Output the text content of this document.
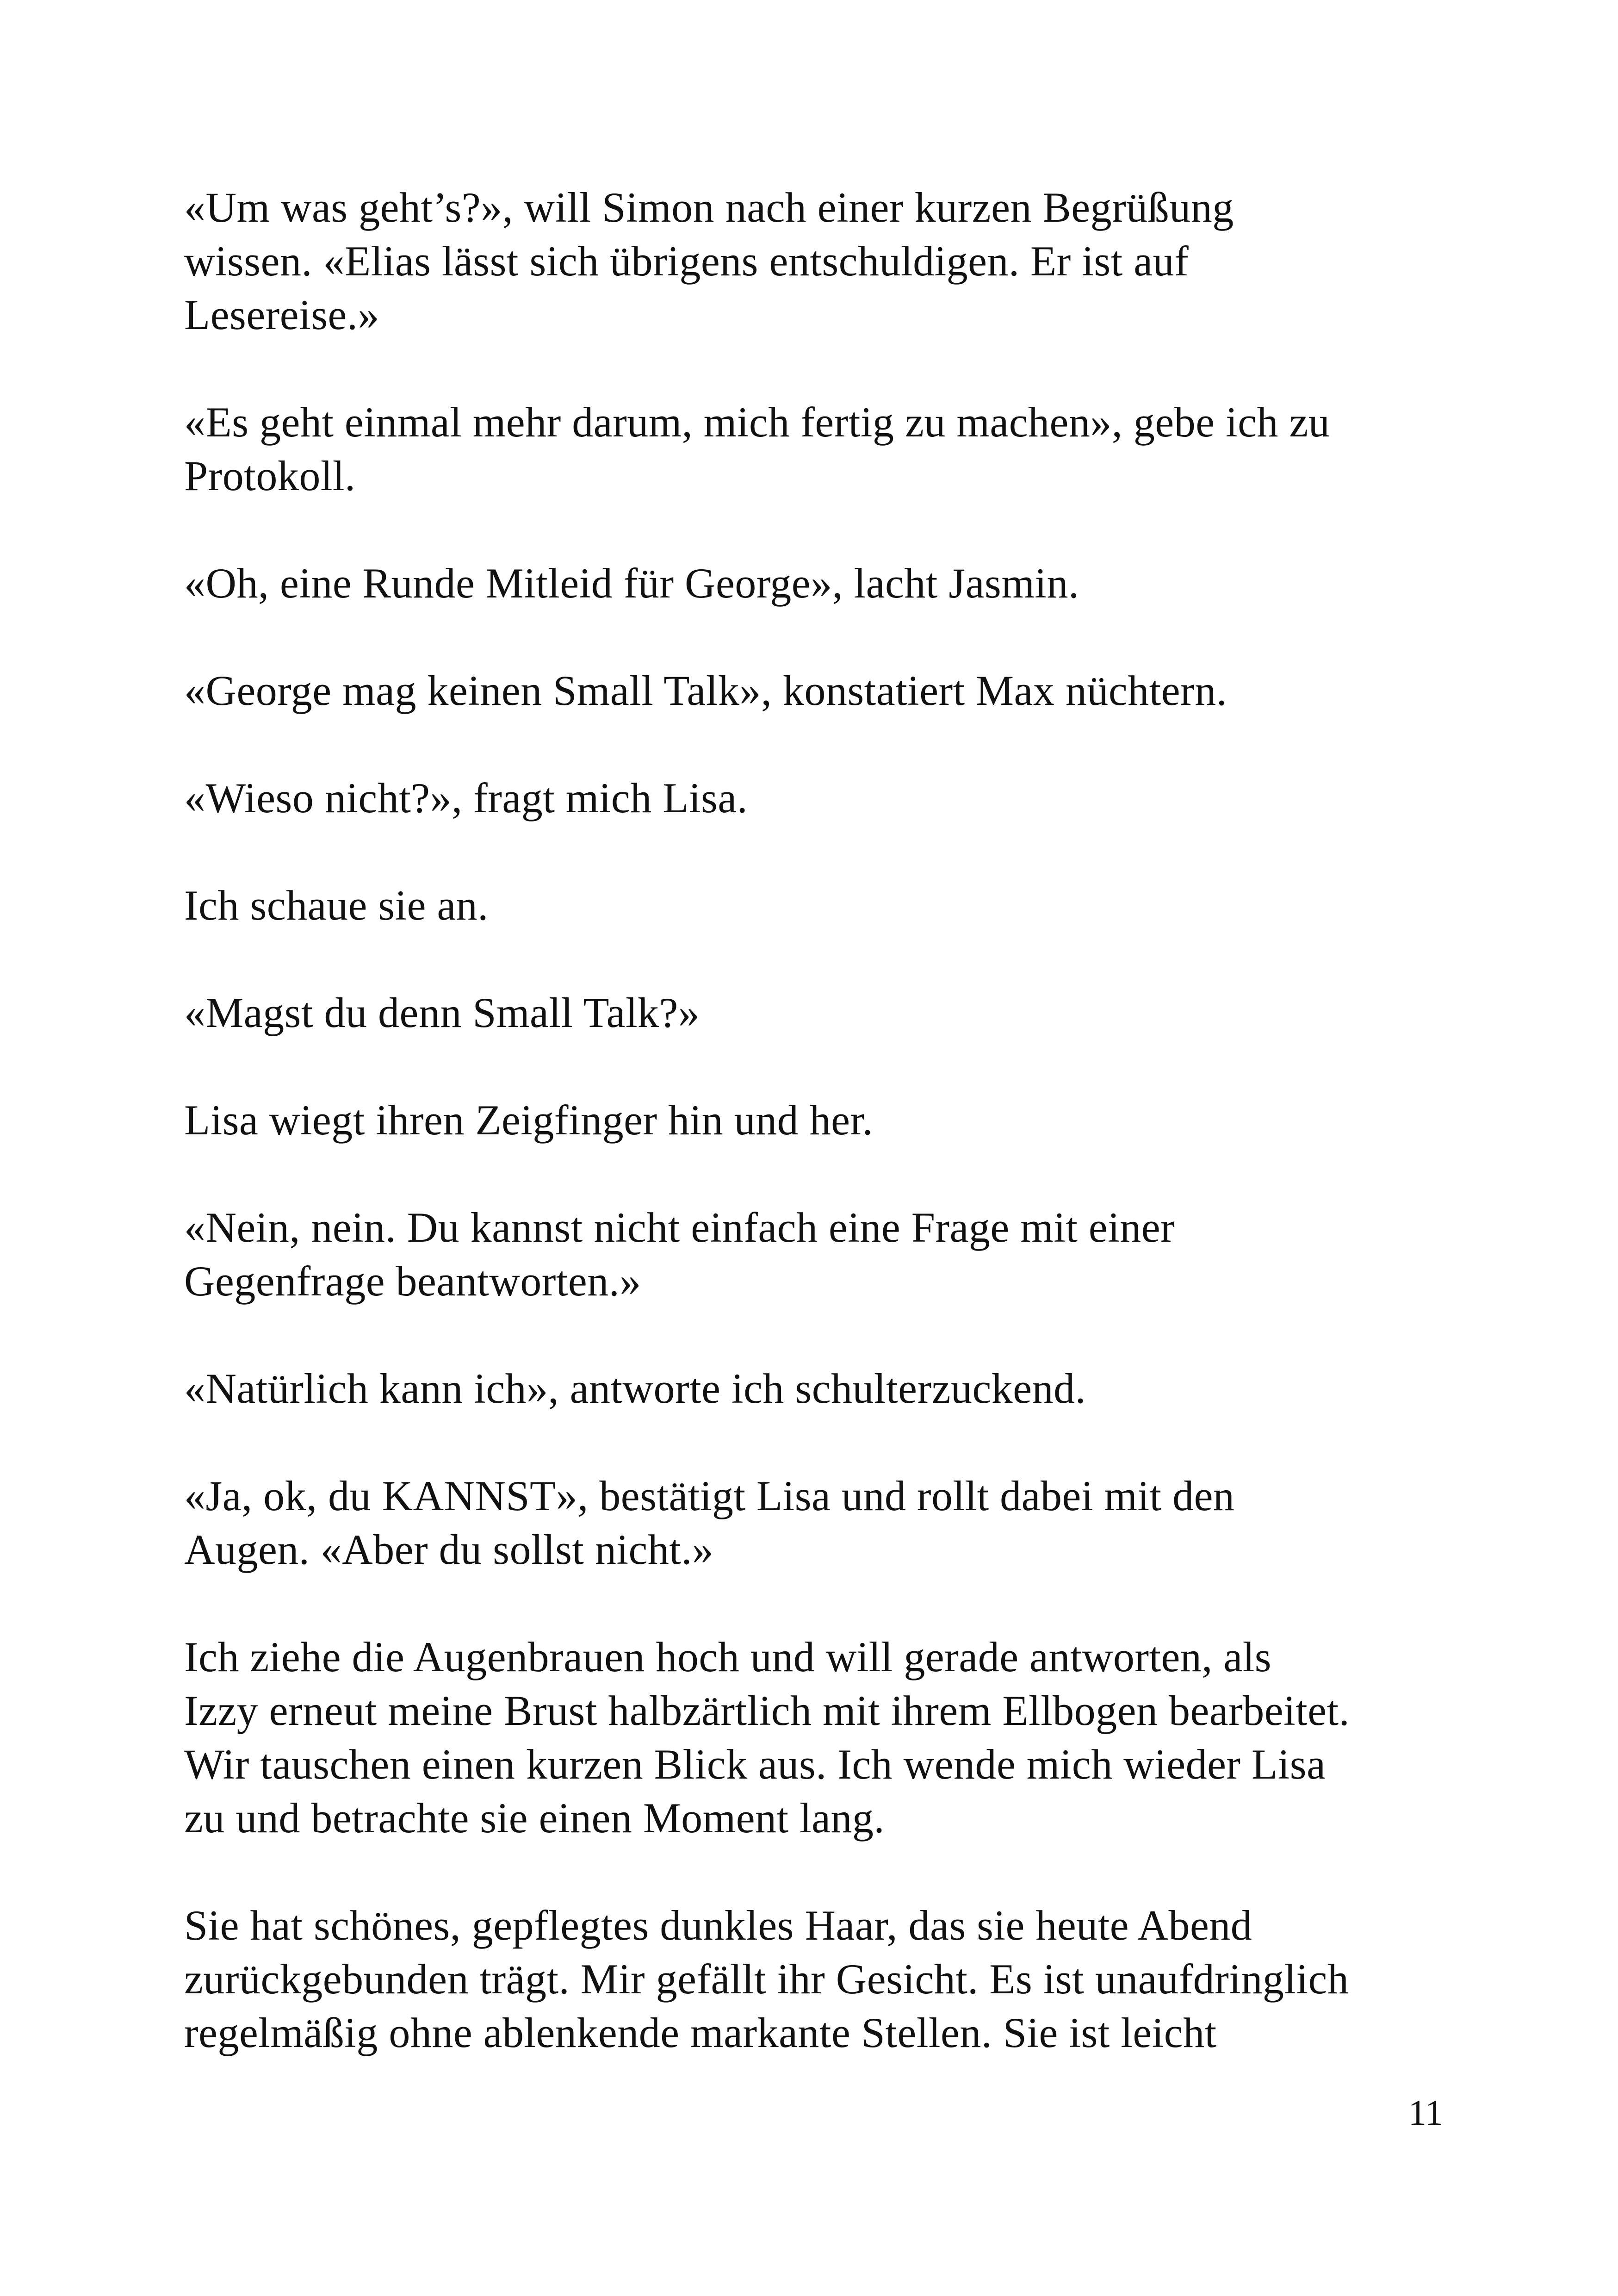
«Um was geht’s?», will Simon nach einer kurzen Begrüßung
wissen. «Elias lässt sich übrigens entschuldigen. Er ist auf
Lesereise.»

«Es geht einmal mehr darum, mich fertig zu machen», gebe ich zu
Protokoll.

«Oh, eine Runde Mitleid für George», lacht Jasmin.

«George mag keinen Small Talk», konstatiert Max nüchtern.

«Wieso nicht?», fragt mich Lisa.

Ich schaue sie an.

«Magst du denn Small Talk?»

Lisa wiegt ihren Zeigfinger hin und her.

«Nein, nein. Du kannst nicht einfach eine Frage mit einer
Gegenfrage beantworten.»

«Natürlich kann ich», antworte ich schulterzuckend.

«Ja, ok, du KANNST», bestätigt Lisa und rollt dabei mit den
Augen. «Aber du sollst nicht.»

Ich ziehe die Augenbrauen hoch und will gerade antworten, als
Izzy erneut meine Brust halbzärtlich mit ihrem Ellbogen bearbeitet.
Wir tauschen einen kurzen Blick aus. Ich wende mich wieder Lisa
zu und betrachte sie einen Moment lang.

Sie hat schönes, gepflegtes dunkles Haar, das sie heute Abend
zurückgebunden trägt. Mir gefällt ihr Gesicht. Es ist unaufdringlich
regelmäßig ohne ablenkende markante Stellen. Sie ist leicht

11
